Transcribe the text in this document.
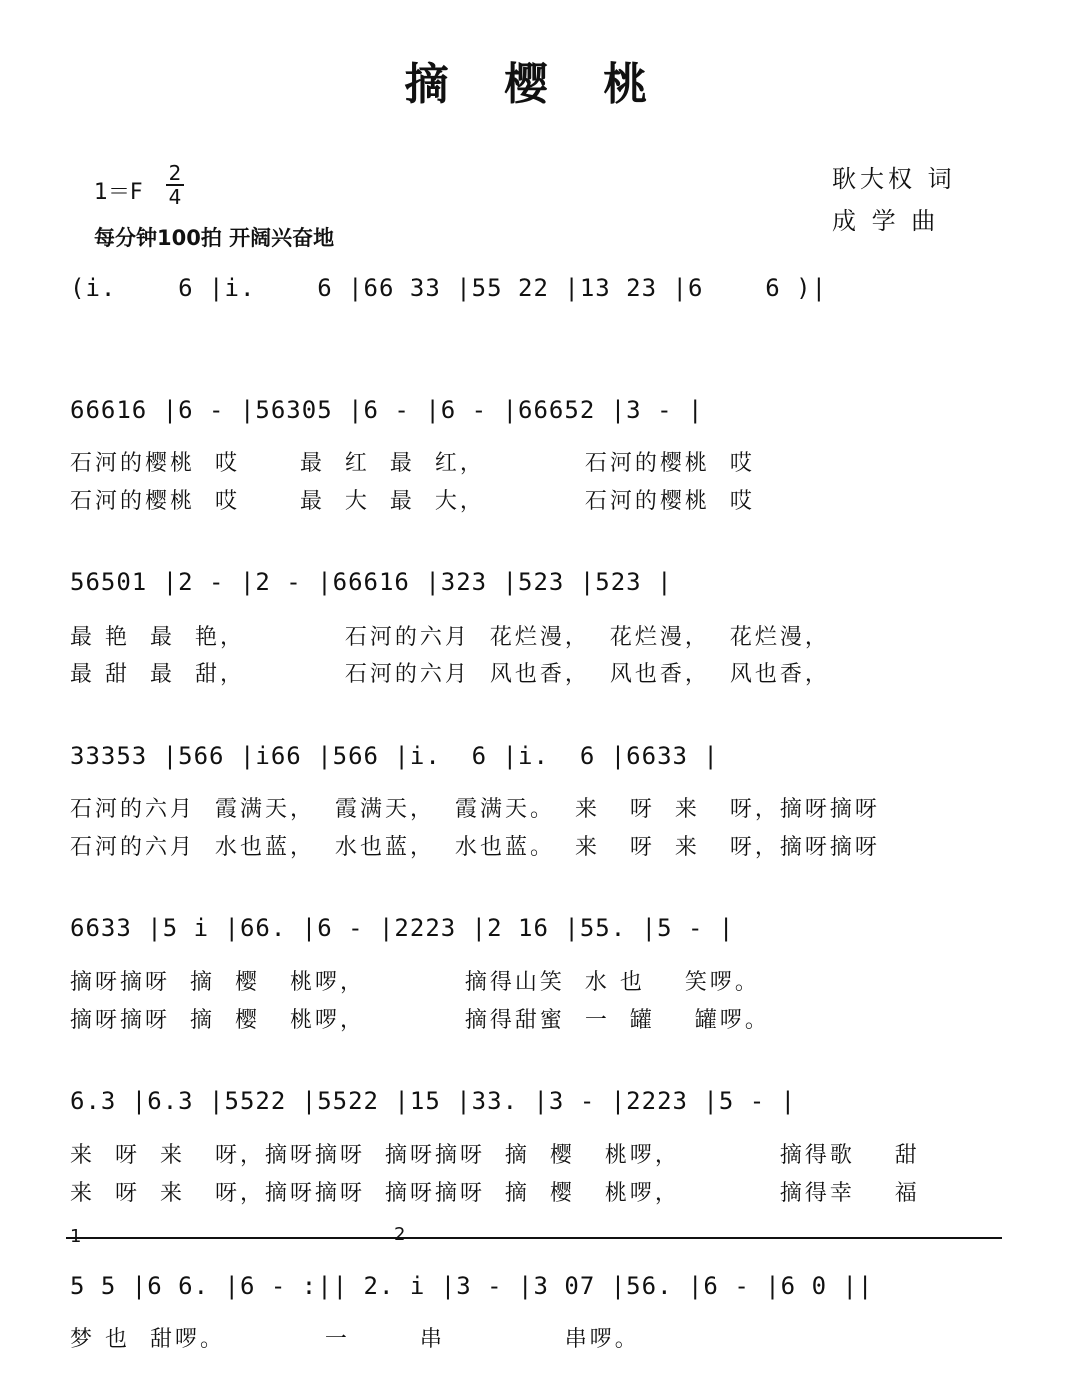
摘 樱 桃
1＝F
2
4
每分钟100拍 开阔兴奋地
耿大权 词
成 学 曲
(i.    6 |i.    6 |66 33 |55 22 |13 23 |6    6 )|
66616 |6 - |56305 |6 - |6 - |66652 |3 - |
石河的樱桃  哎      最  红  最  红，          石河的樱桃  哎
石河的樱桃  哎      最  大  最  大，          石河的樱桃  哎
56501 |2 - |2 - |66616 |323 |523 |523 |
最 艳  最  艳，          石河的六月  花烂漫，  花烂漫，  花烂漫，
最 甜  最  甜，          石河的六月  风也香，  风也香，  风也香，
33353 |566 |i66 |566 |i.  6 |i.  6 |6633 |
石河的六月  霞满天，  霞满天，  霞满天。  来   呀  来   呀，摘呀摘呀
石河的六月  水也蓝，  水也蓝，  水也蓝。  来   呀  来   呀，摘呀摘呀
6633 |5 i |66. |6 - |2223 |2 16 |55. |5 - |
摘呀摘呀  摘  樱   桃啰，          摘得山笑  水 也    笑啰。
摘呀摘呀  摘  樱   桃啰，          摘得甜蜜  一  罐    罐啰。
6.3 |6.3 |5522 |5522 |15 |33. |3 - |2223 |5 - |
来  呀  来   呀，摘呀摘呀  摘呀摘呀  摘  樱   桃啰，          摘得歌    甜
来  呀  来   呀，摘呀摘呀  摘呀摘呀  摘  樱   桃啰，          摘得幸    福
1	2
5 5 |6 6. |6 - :|| 2. i |3 - |3 07 |56. |6 - |6 0 ||
梦 也  甜啰。          一       串            串啰。
